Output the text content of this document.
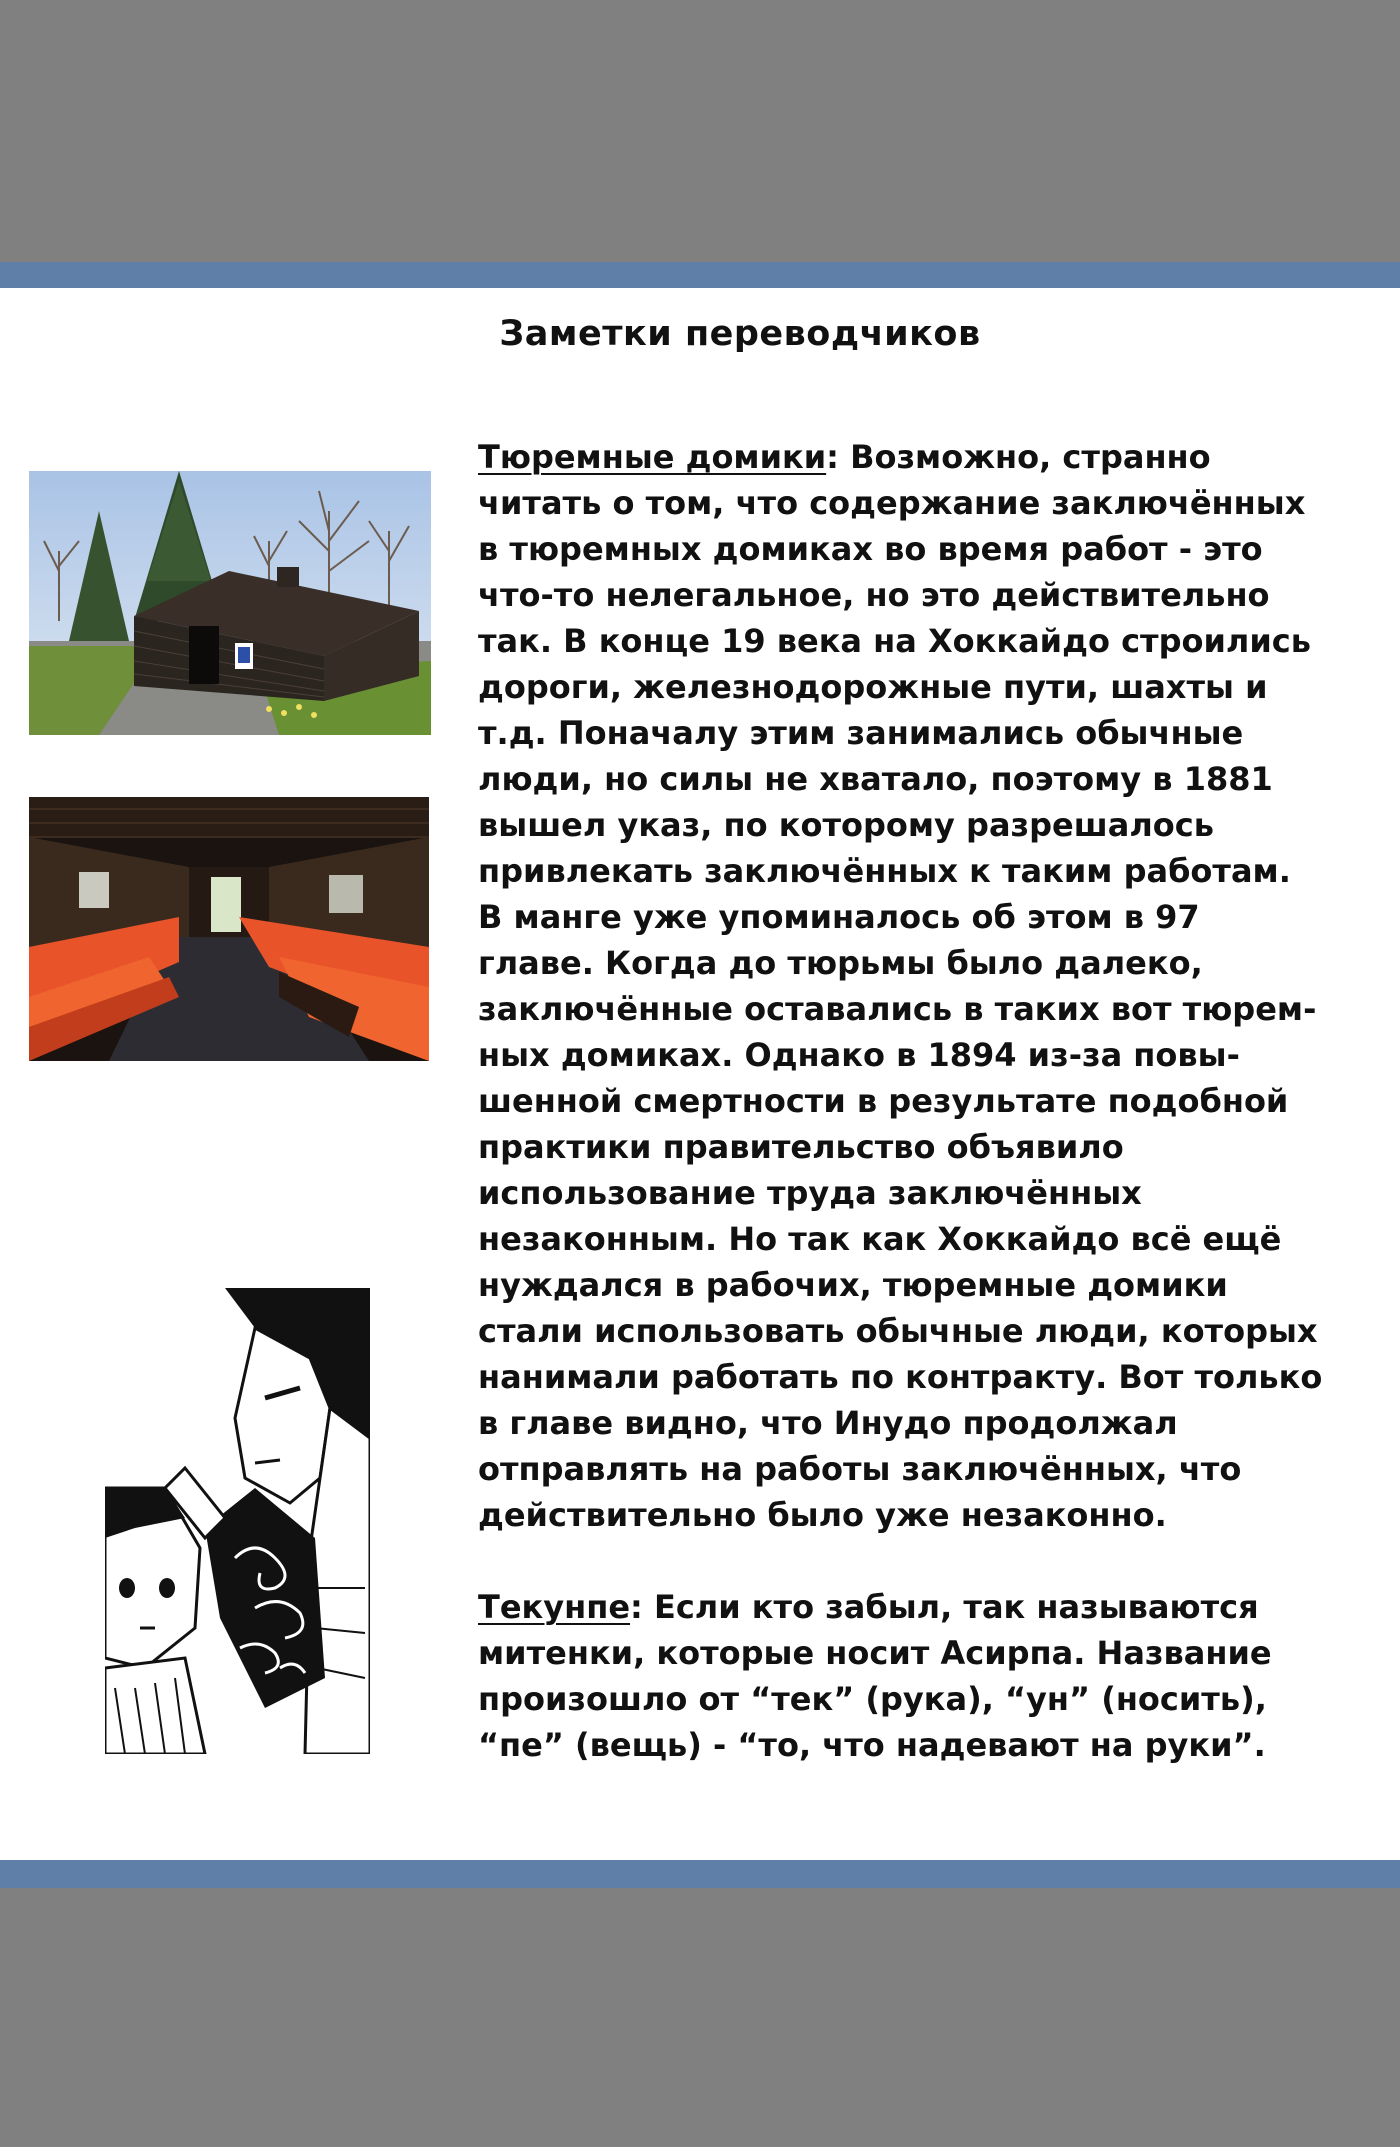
Заметки переводчиков

Тюремные домики: Возможно, странно
читать о том, что содержание заключённых
в тюремных домиках во время работ - это
что-то нелегальное, но это действительно
так. В конце 19 века на Хоккайдо строились
дороги, железнодорожные пути, шахты и
т.д. Поначалу этим занимались обычные
люди, но силы не хватало, поэтому в 1881
вышел указ, по которому разрешалось
привлекать заключённых к таким работам.
В манге уже упоминалось об этом в 97
главе. Когда до тюрьмы было далеко,
заключённые оставались в таких вот тюрем-
ных домиках. Однако в 1894 из-за повы-
шенной смертности в результате подобной
практики правительство объявило
использование труда заключённых
незаконным. Но так как Хоккайдо всё ещё
нуждался в рабочих, тюремные домики
стали использовать обычные люди, которых
нанимали работать по контракту. Вот только
в главе видно, что Инудо продолжал
отправлять на работы заключённых, что
действительно было уже незаконно.

Текунпе: Если кто забыл, так называются
митенки, которые носит Асирпа. Название
произошло от “тек” (рука), “ун” (носить),
“пе” (вещь) - “то, что надевают на руки”.
